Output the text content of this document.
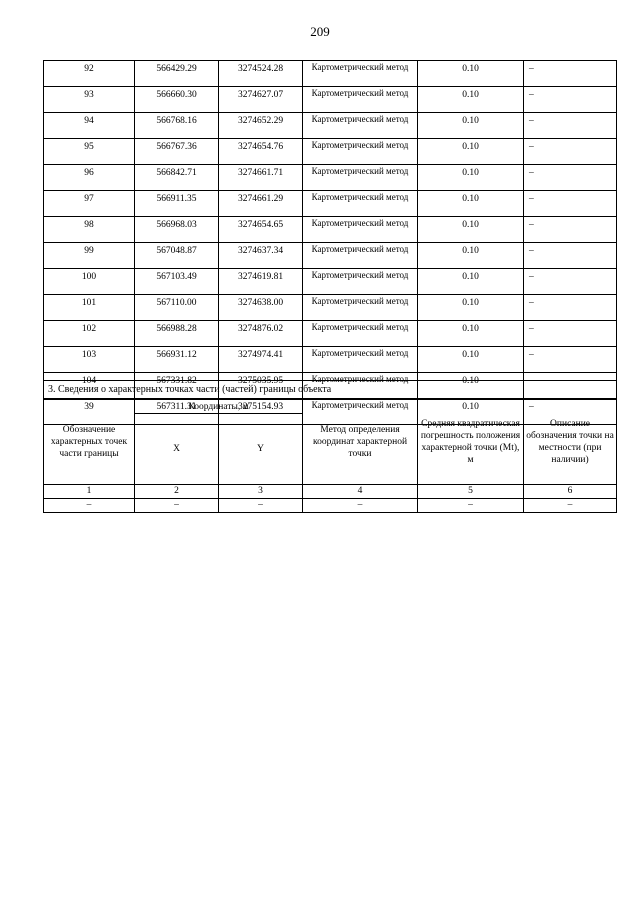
209
92	566429.29	3274524.28	Картометрический метод	0.10	–
93	566660.30	3274627.07	Картометрический метод	0.10	–
94	566768.16	3274652.29	Картометрический метод	0.10	–
95	566767.36	3274654.76	Картометрический метод	0.10	–
96	566842.71	3274661.71	Картометрический метод	0.10	–
97	566911.35	3274661.29	Картометрический метод	0.10	–
98	566968.03	3274654.65	Картометрический метод	0.10	–
99	567048.87	3274637.34	Картометрический метод	0.10	–
100	567103.49	3274619.81	Картометрический метод	0.10	–
101	567110.00	3274638.00	Картометрический метод	0.10	–
102	566988.28	3274876.02	Картометрический метод	0.10	–
103	566931.12	3274974.41	Картометрический метод	0.10	–
104	567331.82	3275035.95	Картометрический метод	0.10	–
39	567311.31	3275154.93	Картометрический метод	0.10	–
3. Сведения о характерных точках части (частей) границы объекта					
Обозначение характерных точек части границы	Координаты, м		Метод определения координат характерной точки	Средняя квадратическая погрешность положения характерной точки (Мt), м	Описание обозначения точки на местности (при наличии)
	X	Y			
1	2	3	4	5	6
–	–	–	–	–	–
